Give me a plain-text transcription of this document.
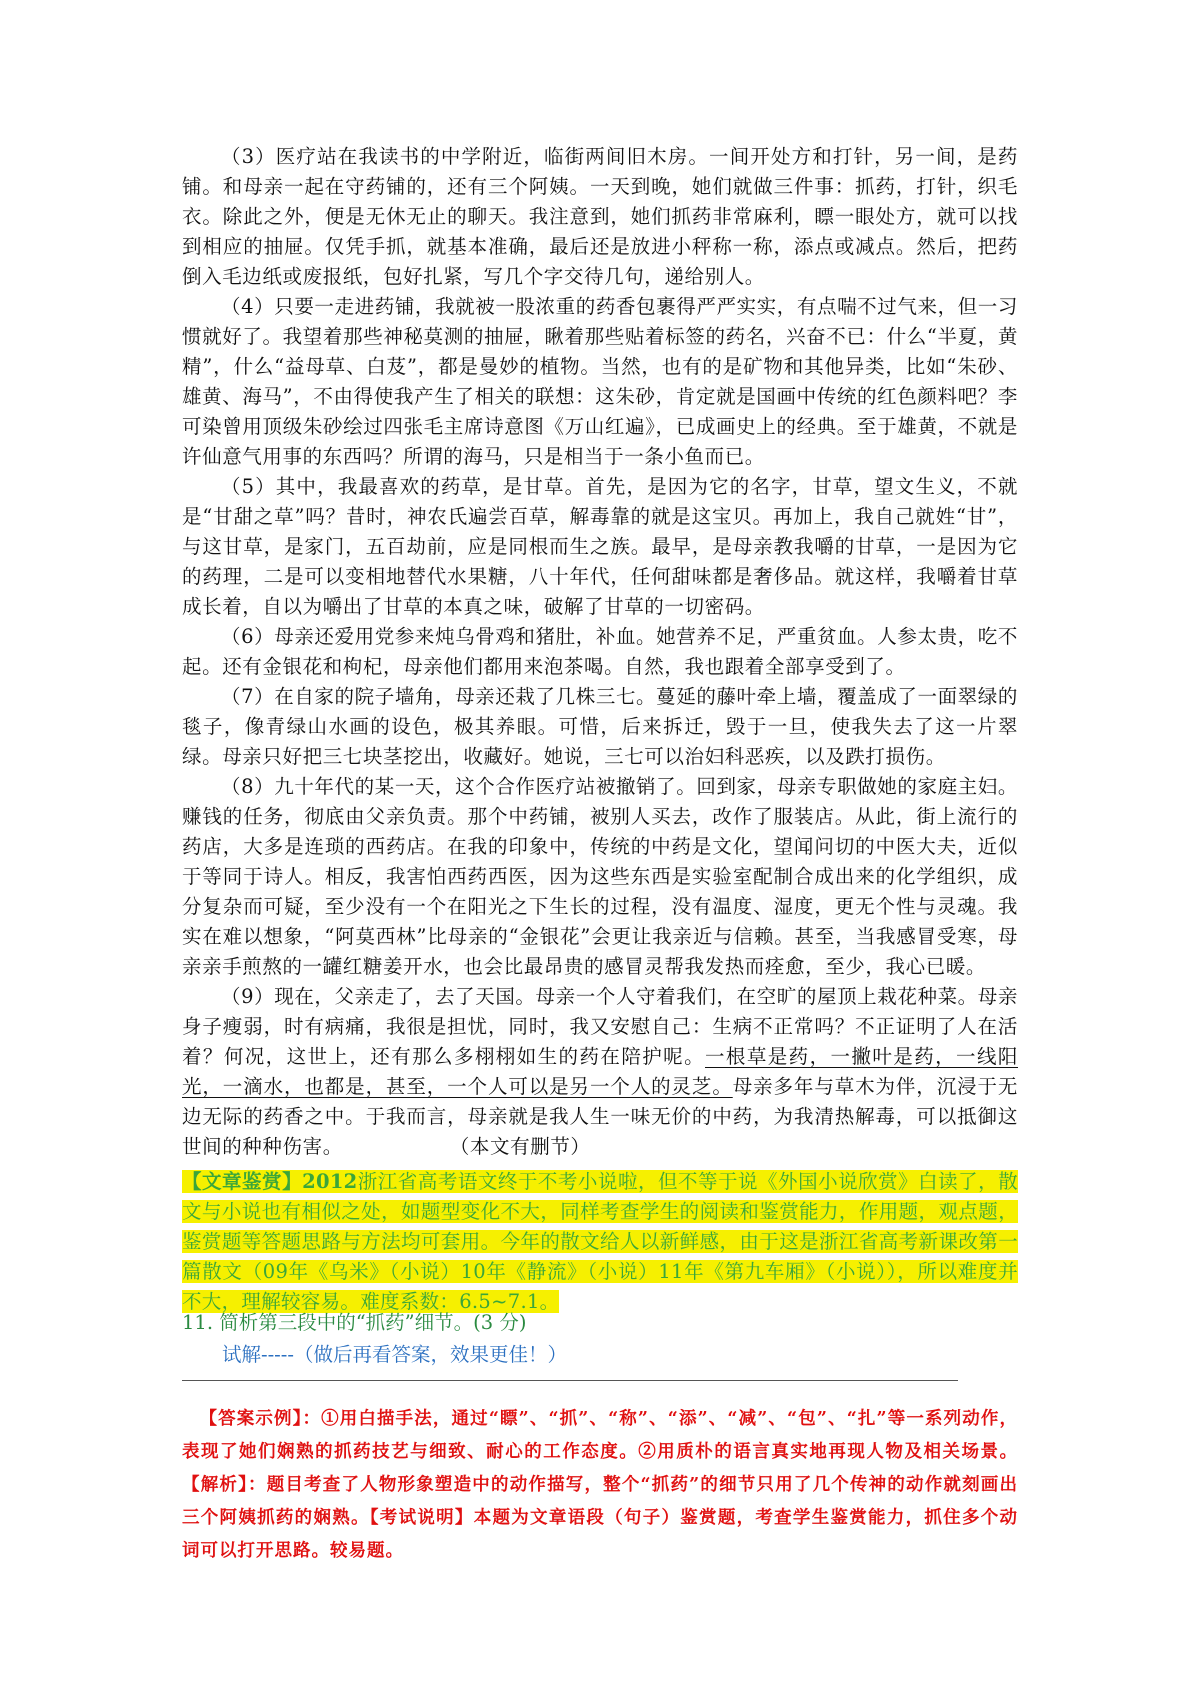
（3）医疗站在我读书的中学附近，临街两间旧木房。一间开处方和打针，另一间，是药铺。和母亲一起在守药铺的，还有三个阿姨。一天到晚，她们就做三件事：抓药，打针，织毛衣。除此之外，便是无休无止的聊天。我注意到，她们抓药非常麻利，瞟一眼处方，就可以找到相应的抽屉。仅凭手抓，就基本准确，最后还是放进小秤称一称，添点或减点。然后，把药倒入毛边纸或废报纸，包好扎紧，写几个字交待几句，递给别人。

（4）只要一走进药铺，我就被一股浓重的药香包裹得严严实实，有点喘不过气来，但一习惯就好了。我望着那些神秘莫测的抽屉，瞅着那些贴着标签的药名，兴奋不已：什么“半夏，黄精”，什么“益母草、白芨”，都是曼妙的植物。当然，也有的是矿物和其他异类，比如“朱砂、雄黄、海马”，不由得使我产生了相关的联想：这朱砂，肯定就是国画中传统的红色颜料吧？李可染曾用顶级朱砂绘过四张毛主席诗意图《万山红遍》，已成画史上的经典。至于雄黄，不就是许仙意气用事的东西吗？所谓的海马，只是相当于一条小鱼而已。

（5）其中，我最喜欢的药草，是甘草。首先，是因为它的名字，甘草，望文生义，不就是“甘甜之草”吗？昔时，神农氏遍尝百草，解毒靠的就是这宝贝。再加上，我自己就姓“甘”，与这甘草，是家门，五百劫前，应是同根而生之族。最早，是母亲教我嚼的甘草，一是因为它的药理，二是可以变相地替代水果糖，八十年代，任何甜味都是奢侈品。就这样，我嚼着甘草成长着，自以为嚼出了甘草的本真之味，破解了甘草的一切密码。

（6）母亲还爱用党参来炖乌骨鸡和猪肚，补血。她营养不足，严重贫血。人参太贵，吃不起。还有金银花和枸杞，母亲他们都用来泡茶喝。自然，我也跟着全部享受到了。

（7）在自家的院子墙角，母亲还栽了几株三七。蔓延的藤叶牵上墙，覆盖成了一面翠绿的毯子，像青绿山水画的设色，极其养眼。可惜，后来拆迁，毁于一旦，使我失去了这一片翠绿。母亲只好把三七块茎挖出，收藏好。她说，三七可以治妇科恶疾，以及跌打损伤。

（8）九十年代的某一天，这个合作医疗站被撤销了。回到家，母亲专职做她的家庭主妇。赚钱的任务，彻底由父亲负责。那个中药铺，被别人买去，改作了服装店。从此，街上流行的药店，大多是连琐的西药店。在我的印象中，传统的中药是文化，望闻问切的中医大夫，近似于等同于诗人。相反，我害怕西药西医，因为这些东西是实验室配制合成出来的化学组织，成分复杂而可疑，至少没有一个在阳光之下生长的过程，没有温度、湿度，更无个性与灵魂。我实在难以想象，“阿莫西林”比母亲的“金银花”会更让我亲近与信赖。甚至，当我感冒受寒，母亲亲手煎熬的一罐红糖姜开水，也会比最昂贵的感冒灵帮我发热而痊愈，至少，我心已暖。

（9）现在，父亲走了，去了天国。母亲一个人守着我们，在空旷的屋顶上栽花种菜。母亲身子瘦弱，时有病痛，我很是担忧，同时，我又安慰自己：生病不正常吗？不正证明了人在活着？何况，这世上，还有那么多栩栩如生的药在陪护呢。一根草是药，一撇叶是药，一线阳光，一滴水，也都是，甚至，一个人可以是另一个人的灵芝。母亲多年与草木为伴，沉浸于无边无际的药香之中。于我而言，母亲就是我人生一味无价的中药，为我清热解毒，可以抵御这世间的种种伤害。	（本文有删节）

【文章鉴赏】2012浙江省高考语文终于不考小说啦，但不等于说《外国小说欣赏》白读了，散文与小说也有相似之处，如题型变化不大，同样考查学生的阅读和鉴赏能力，作用题，观点题，鉴赏题等答题思路与方法均可套用。今年的散文给人以新鲜感，由于这是浙江省高考新课改第一篇散文（09年《乌米》（小说）10年《静流》（小说）11年《第九车厢》（小说）），所以难度并不大，理解较容易。难度系数：6.5~7.1。

11. 简析第三段中的“抓药”细节。(3 分)

试解-----（做后再看答案，效果更佳！）

【答案示例】：①用白描手法，通过“瞟”、“抓”、“称”、“添”、“减”、“包”、“扎”等一系列动作，表现了她们娴熟的抓药技艺与细致、耐心的工作态度。②用质朴的语言真实地再现人物及相关场景。 【解析】：题目考查了人物形象塑造中的动作描写，整个“抓药”的细节只用了几个传神的动作就刻画出三个阿姨抓药的娴熟。【考试说明】本题为文章语段（句子）鉴赏题，考查学生鉴赏能力，抓住多个动词可以打开思路。较易题。
